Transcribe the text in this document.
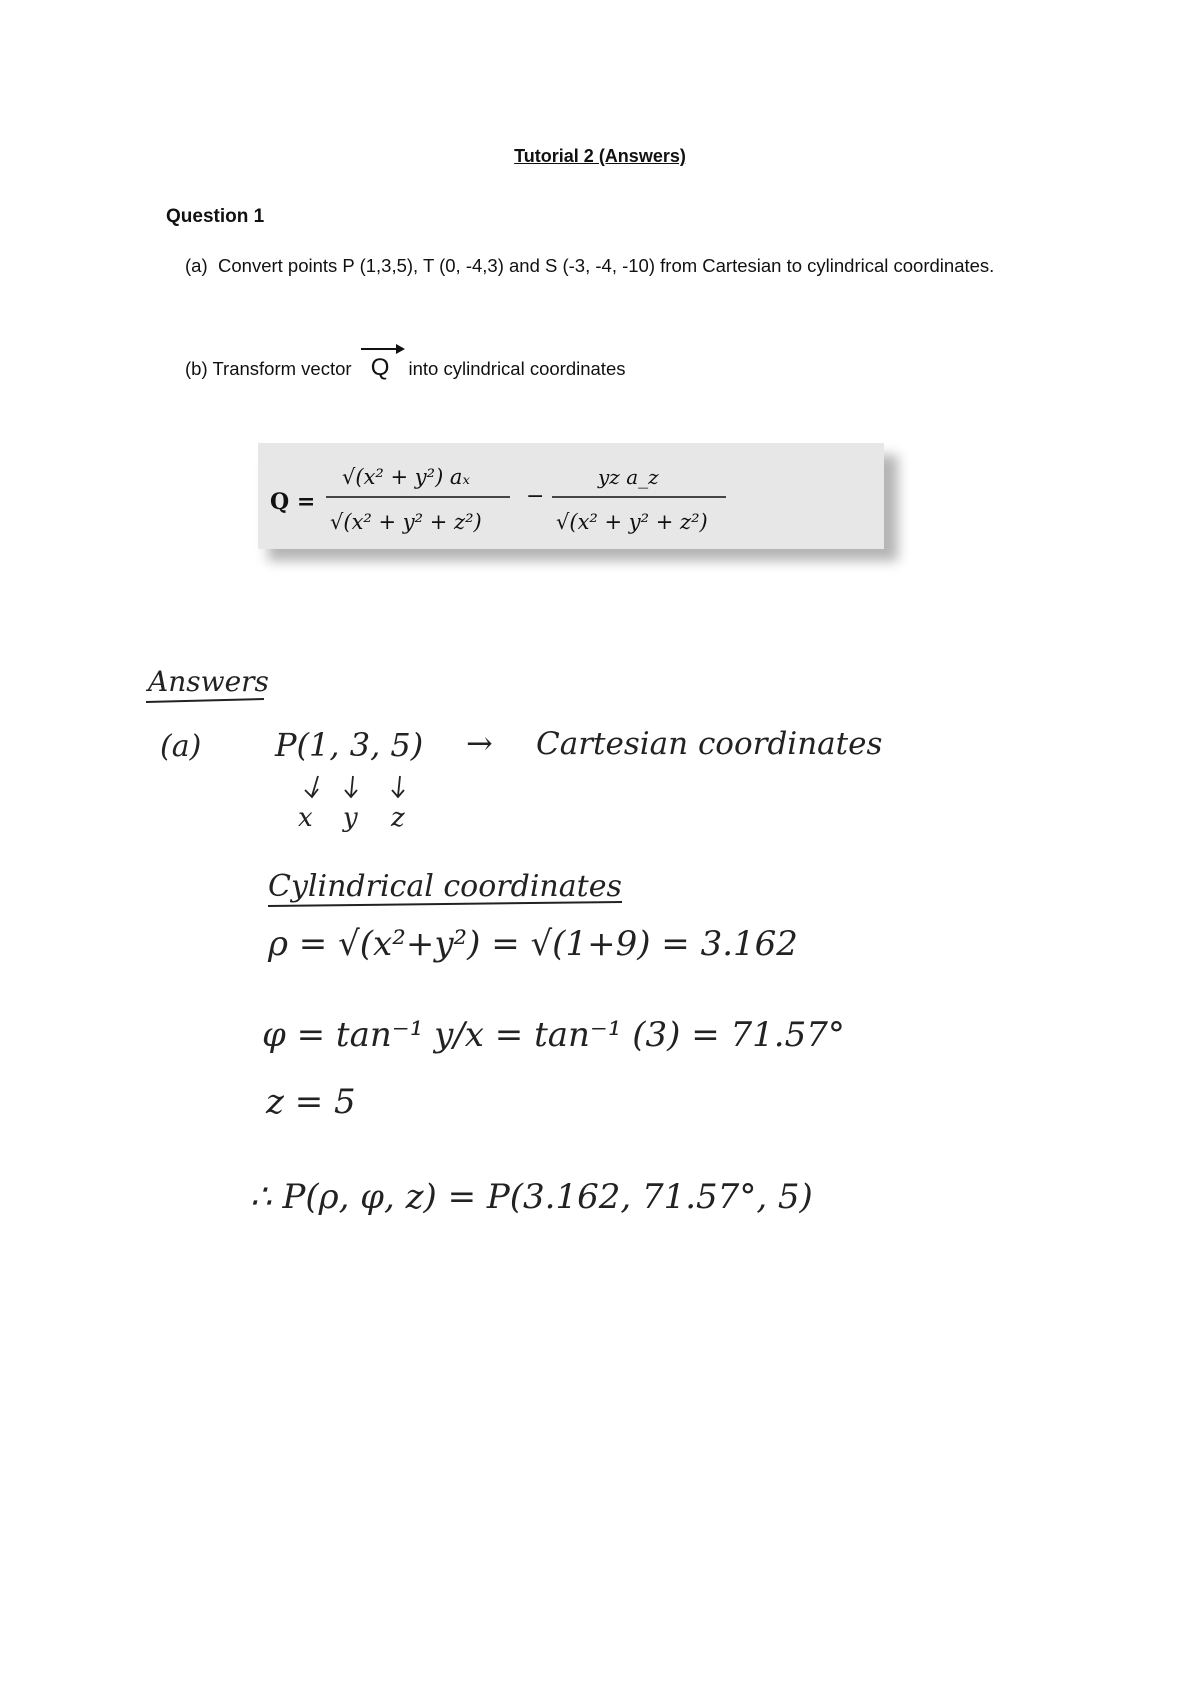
Tutorial 2 (Answers)
Question 1
(a) Convert points P (1,3,5), T (0, -4,3) and S (-3, -4, -10) from Cartesian to cylindrical coordinates.
(b) Transform vector Q into cylindrical coordinates
Q =
√(x² + y²) aₓ
√(x² + y² + z²)
−
yz a_z
√(x² + y² + z²)
Answers
(a) P(1, 3, 5) → Cartesian coordinates
x y z
Cylindrical coordinates
ρ = √(x²+y²) = √(1+9) = 3.162
φ = tan⁻¹ y/x = tan⁻¹ (3) = 71.57°
z = 5
∴ P(ρ, φ, z) = P(3.162, 71.57°, 5)
